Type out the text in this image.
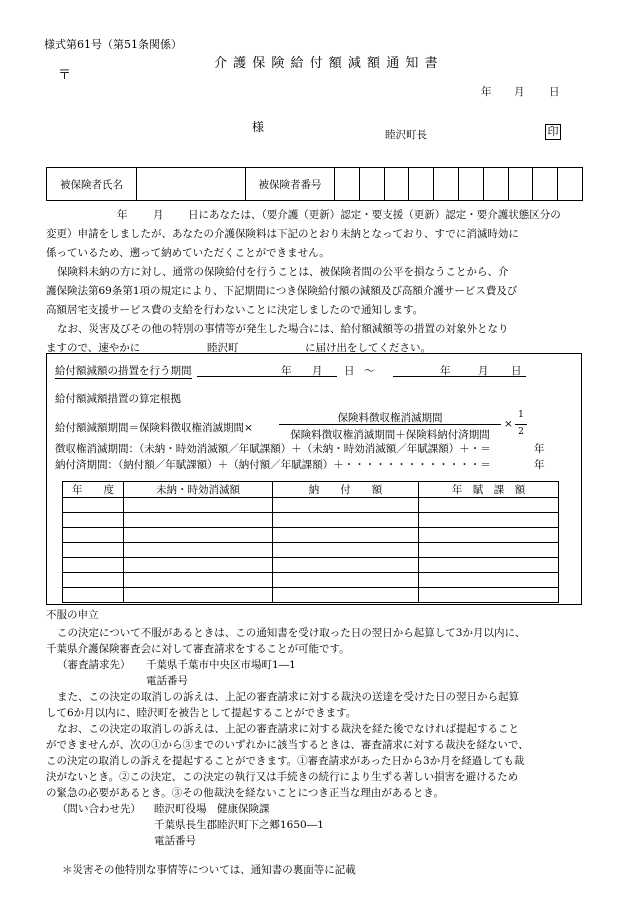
様式第61号（第51条関係）
介 護 保 険 給 付 額 減 額 通 知 書
〒
年 月 日
様
睦沢町長	印
被保険者氏名		被保険者番号										
年 月 日にあなたは、（要介護（更新）認定・要支援（更新）認定・要介護状態区分の
変更）申請をしましたが、あなたの介護保険料は下記のとおり未納となっており、すでに消滅時効に
係っているため、遡って納めていただくことができません。
保険料未納の方に対し、通常の保険給付を行うことは、被保険者間の公平を損なうことから、介
護保険法第69条第1項の規定により、下記期間につき保険給付額の減額及び高額介護サービス費及び
高額居宅支援サービス費の支給を行わないことに決定しましたので通知します。
なお、災害及びその他の特別の事情等が発生した場合には、給付額減額等の措置の対象外となり
ますので、速やかに	睦沢町	に届け出をしてください。
給付額減額の措置を行う期間	年 月 日 ～	年	月 日
給付額減額措置の算定根拠
給付額減額期間＝保険料徴収権消滅期間×
保険料徴収権消滅期間
保険料徴収権消滅期間＋保険料納付済期間
×
1
2
徴収権消滅期間：（未納・時効消滅額／年賦課額）＋（未納・時効消滅額／年賦課額）＋・＝	年
納付済期間：（納付額／年賦課額）＋（納付額／年賦課額）＋・・・・・・・・・・・・・＝	年
年　　度	未納・時効消滅額	納　　付　　額	年　賦　課　額

不服の申立
この決定について不服があるときは、この通知書を受け取った日の翌日から起算して3か月以内に、
千葉県介護保険審査会に対して審査請求をすることが可能です。
（審査請求先） 千葉県千葉市中央区市場町1―1
電話番号
また、この決定の取消しの訴えは、上記の審査請求に対する裁決の送達を受けた日の翌日から起算
して6か月以内に、睦沢町を被告として提起することができます。
なお、この決定の取消しの訴えは、上記の審査請求に対する裁決を経た後でなければ提起すること
ができませんが、次の①から③までのいずれかに該当するときは、審査請求に対する裁決を経ないで、
この決定の取消しの訴えを提起することができます。①審査請求があった日から3か月を経過しても裁
決がないとき。②この決定、この決定の執行又は手続きの続行により生ずる著しい損害を避けるため
の緊急の必要があるとき。③その他裁決を経ないことにつき正当な理由があるとき。
（問い合わせ先） 睦沢町役場　健康保険課
千葉県長生郡睦沢町下之郷1650―1
電話番号
＊災害その他特別な事情等については、通知書の裏面等に記載
